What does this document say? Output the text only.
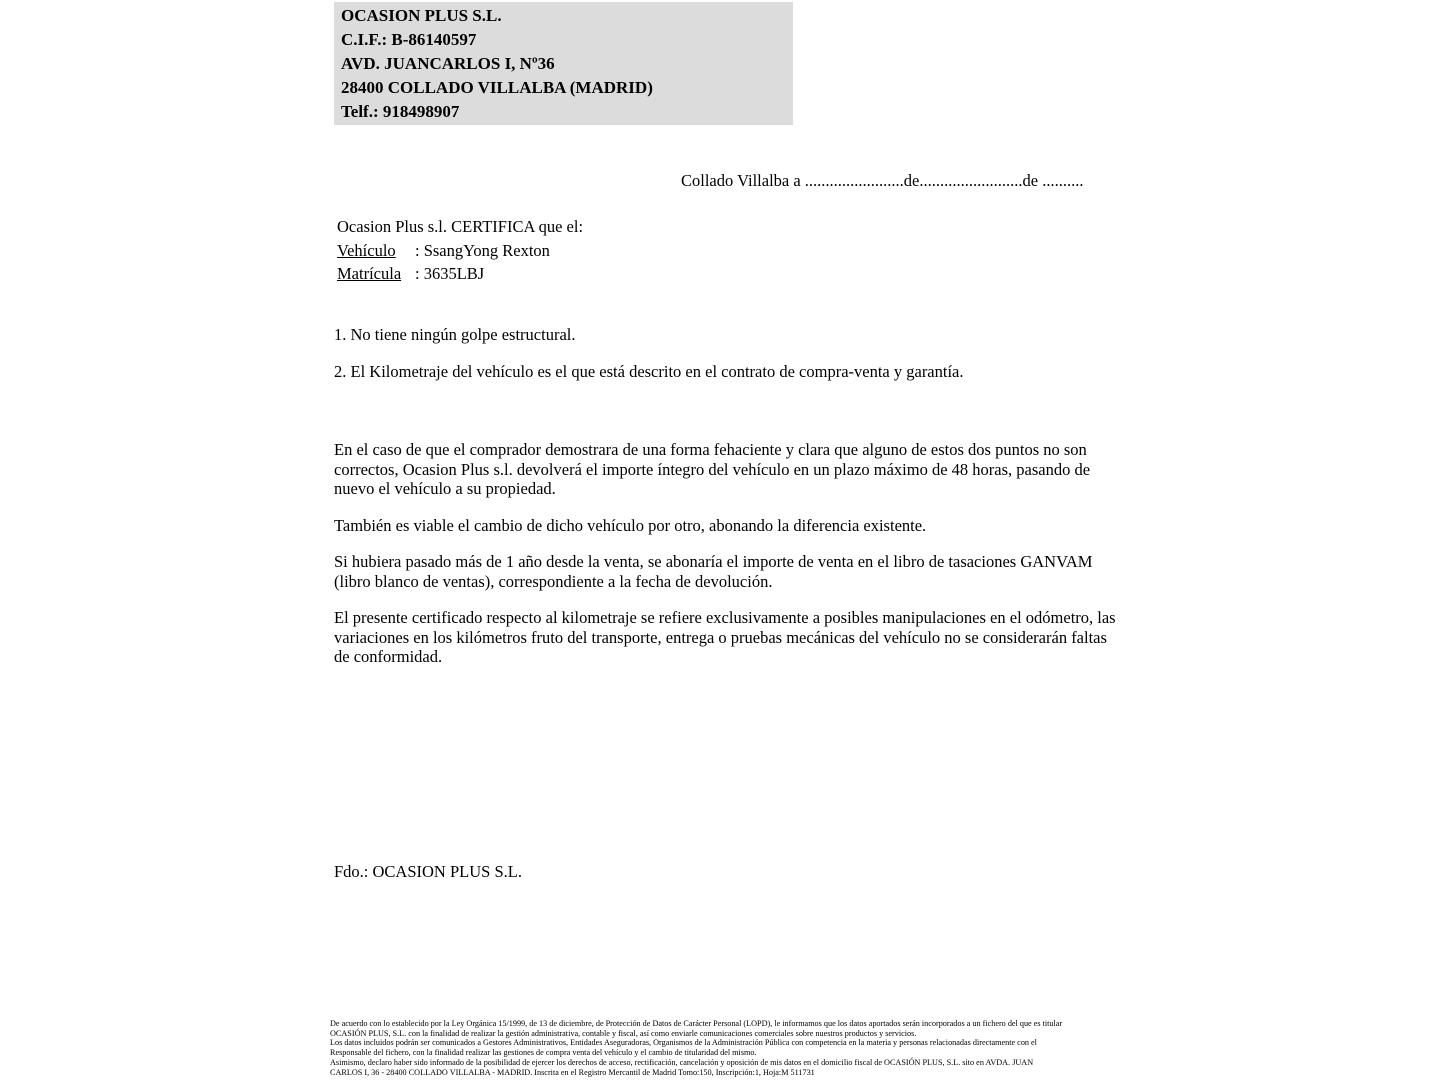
OCASION PLUS S.L.
C.I.F.: B-86140597
AVD. JUANCARLOS I, Nº36
28400 COLLADO VILLALBA (MADRID)
Telf.: 918498907
Collado Villalba a ........................de.........................de ..........
Ocasion Plus s.l. CERTIFICA que el:
Vehículo : SsangYong Rexton
Matrícula : 3635LBJ
1. No tiene ningún golpe estructural.
2. El Kilometraje del vehículo es el que está descrito en el contrato de compra-venta y garantía.

En el caso de que el comprador demostrara de una forma fehaciente y clara que alguno de estos dos puntos no son correctos, Ocasion Plus s.l. devolverá el importe íntegro del vehículo en un plazo máximo de 48 horas, pasando de nuevo el vehículo a su propiedad.

También es viable el cambio de dicho vehículo por otro, abonando la diferencia existente.

Si hubiera pasado más de 1 año desde la venta, se abonaría el importe de venta en el libro de tasaciones GANVAM (libro blanco de ventas), correspondiente a la fecha de devolución.

El presente certificado respecto al kilometraje se refiere exclusivamente a posibles manipulaciones en el odómetro, las variaciones en los kilómetros fruto del transporte, entrega o pruebas mecánicas del vehículo no se considerarán faltas de conformidad.

Fdo.: OCASION PLUS S.L.
De acuerdo con lo establecido por la Ley Orgánica 15/1999, de 13 de diciembre, de Protección de Datos de Carácter Personal (LOPD), le informamos que los datos aportados serán incorporados a un fichero del que es titular
OCASIÓN PLUS, S.L. con la finalidad de realizar la gestión administrativa, contable y fiscal, así como enviarle comunicaciones comerciales sobre nuestros productos y servicios.
Los datos incluidos podrán ser comunicados a Gestores Administrativos, Entidades Aseguradoras, Organismos de la Administración Pública con competencia en la materia y personas relacionadas directamente con el
Responsable del fichero, con la finalidad realizar las gestiones de compra venta del vehículo y el cambio de titularidad del mismo.
Asimismo, declaro haber sido informado de la posibilidad de ejercer los derechos de acceso, rectificación, cancelación y oposición de mis datos en el domicilio fiscal de OCASIÓN PLUS, S.L. sito en AVDA. JUAN
CARLOS I, 36 - 28400 COLLADO VILLALBA - MADRID. Inscrita en el Registro Mercantil de Madrid Tomo:150, Inscripción:1, Hoja:M 511731
